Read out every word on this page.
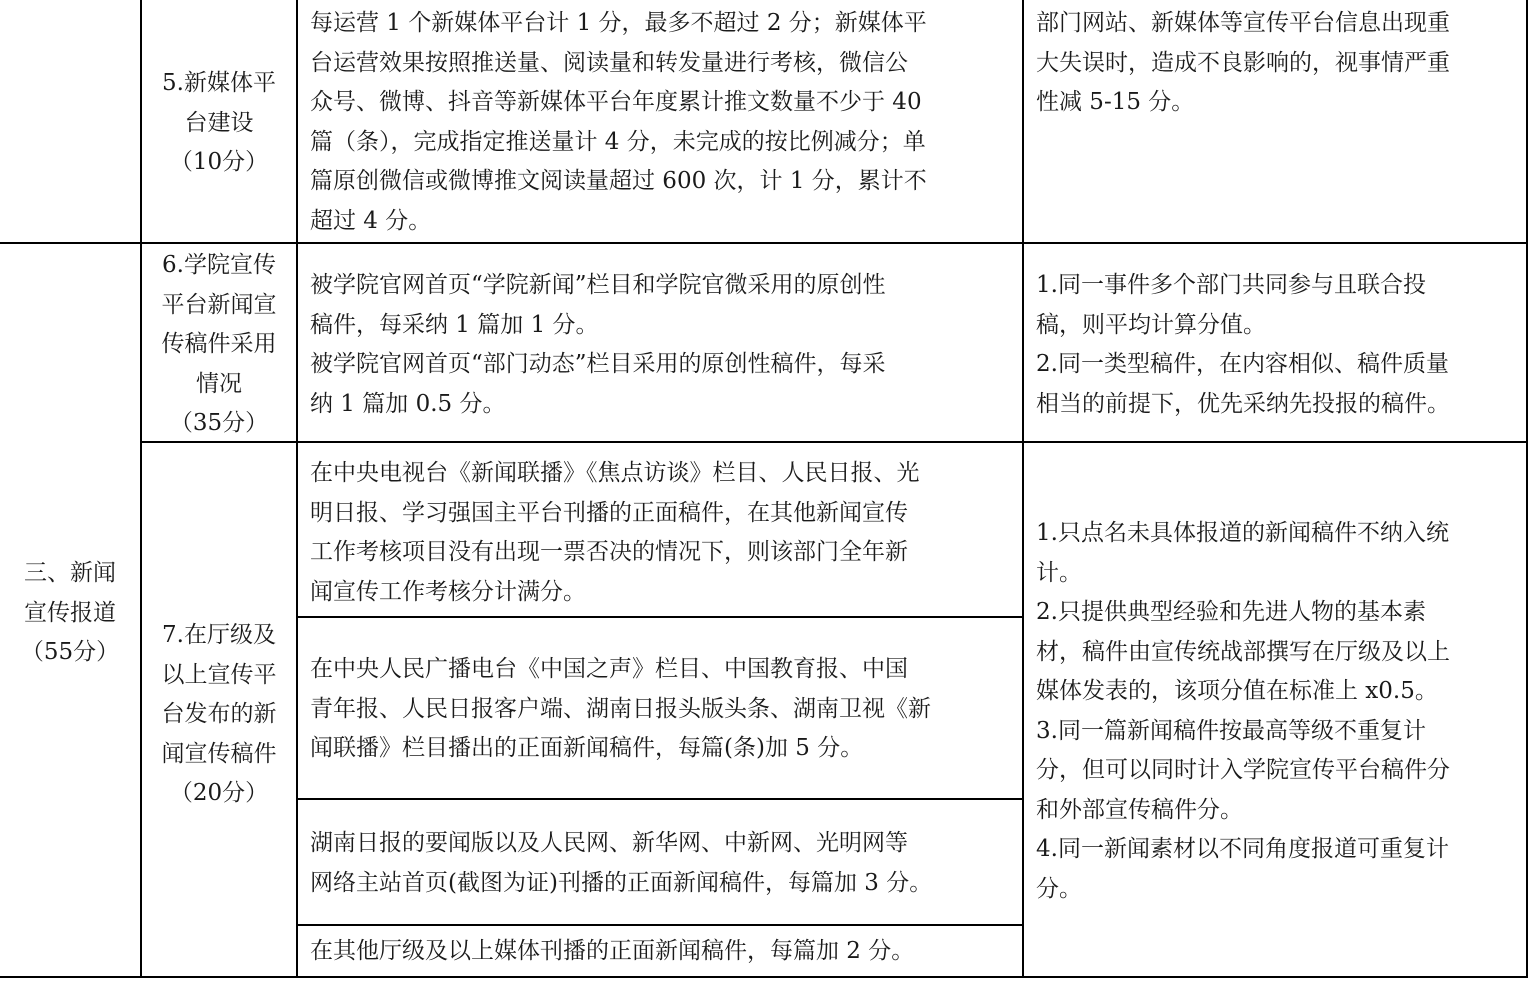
5.新媒体平
台建设
（10分）
每运营 1 个新媒体平台计 1 分，最多不超过 2 分；新媒体平
台运营效果按照推送量、阅读量和转发量进行考核，微信公
众号、微博、抖音等新媒体平台年度累计推文数量不少于 40
篇（条），完成指定推送量计 4 分，未完成的按比例减分；单
篇原创微信或微博推文阅读量超过 600 次，计 1 分，累计不
超过 4 分。
部门网站、新媒体等宣传平台信息出现重
大失误时，造成不良影响的，视事情严重
性减 5-15 分。
三、新闻
宣传报道
（55分）
6.学院宣传
平台新闻宣
传稿件采用
情况
（35分）
被学院官网首页“学院新闻”栏目和学院官微采用的原创性
稿件，每采纳 1 篇加 1 分。
被学院官网首页“部门动态”栏目采用的原创性稿件，每采
纳 1 篇加 0.5 分。
1.同一事件多个部门共同参与且联合投
稿，则平均计算分值。
2.同一类型稿件，在内容相似、稿件质量
相当的前提下，优先采纳先投报的稿件。
7.在厅级及
以上宣传平
台发布的新
闻宣传稿件
（20分）
在中央电视台《新闻联播》《焦点访谈》栏目、人民日报、光
明日报、学习强国主平台刊播的正面稿件，在其他新闻宣传
工作考核项目没有出现一票否决的情况下，则该部门全年新
闻宣传工作考核分计满分。
在中央人民广播电台《中国之声》栏目、中国教育报、中国
青年报、人民日报客户端、湖南日报头版头条、湖南卫视《新
闻联播》栏目播出的正面新闻稿件，每篇(条)加 5 分。
湖南日报的要闻版以及人民网、新华网、中新网、光明网等
网络主站首页(截图为证)刊播的正面新闻稿件，每篇加 3 分。
在其他厅级及以上媒体刊播的正面新闻稿件，每篇加 2 分。
1.只点名未具体报道的新闻稿件不纳入统
计。
2.只提供典型经验和先进人物的基本素
材，稿件由宣传统战部撰写在厅级及以上
媒体发表的，该项分值在标准上 x0.5。
3.同一篇新闻稿件按最高等级不重复计
分，但可以同时计入学院宣传平台稿件分
和外部宣传稿件分。
4.同一新闻素材以不同角度报道可重复计
分。
